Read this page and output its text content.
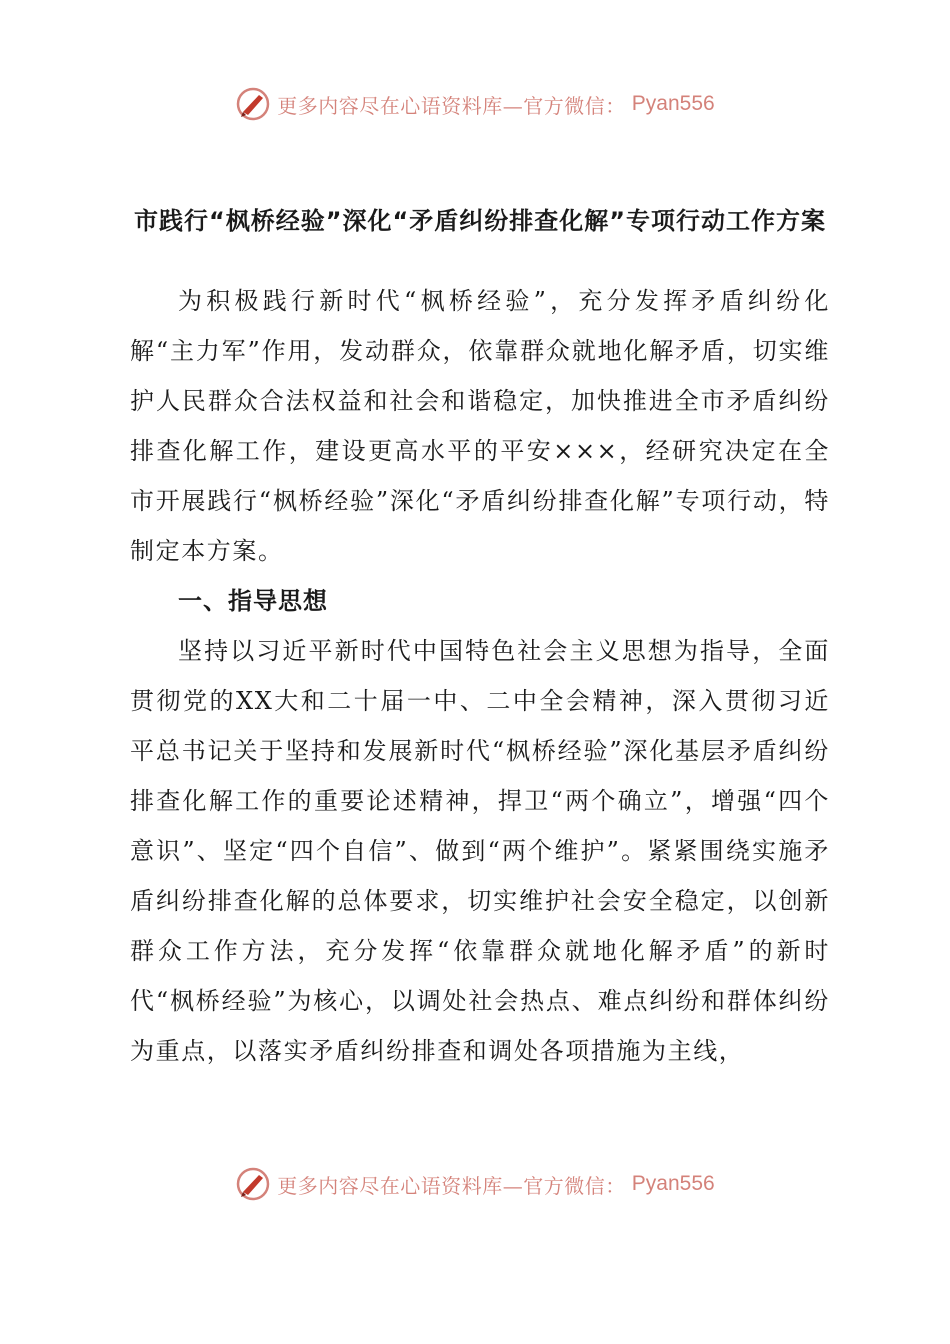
更多内容尽在心语资料库—官方微信： Pyan556
市践行“枫桥经验”深化“矛盾纠纷排查化解”专项行动工作方案

为积极践行新时代“枫桥经验”，充分发挥矛盾纠纷化解“主力军”作用，发动群众，依靠群众就地化解矛盾，切实维护人民群众合法权益和社会和谐稳定，加快推进全市矛盾纠纷排查化解工作，建设更高水平的平安×××，经研究决定在全市开展践行“枫桥经验”深化“矛盾纠纷排查化解”专项行动，特制定本方案。

一、指导思想

坚持以习近平新时代中国特色社会主义思想为指导，全面贯彻党的XX大和二十届一中、二中全会精神，深入贯彻习近平总书记关于坚持和发展新时代“枫桥经验”深化基层矛盾纠纷排查化解工作的重要论述精神，捍卫“两个确立”，增强“四个意识”、坚定“四个自信”、做到“两个维护”。紧紧围绕实施矛盾纠纷排查化解的总体要求，切实维护社会安全稳定，以创新群众工作方法，充分发挥“依靠群众就地化解矛盾”的新时代“枫桥经验”为核心，以调处社会热点、难点纠纷和群体纠纷为重点，以落实矛盾纠纷排查和调处各项措施为主线，

更多内容尽在心语资料库—官方微信： Pyan556
